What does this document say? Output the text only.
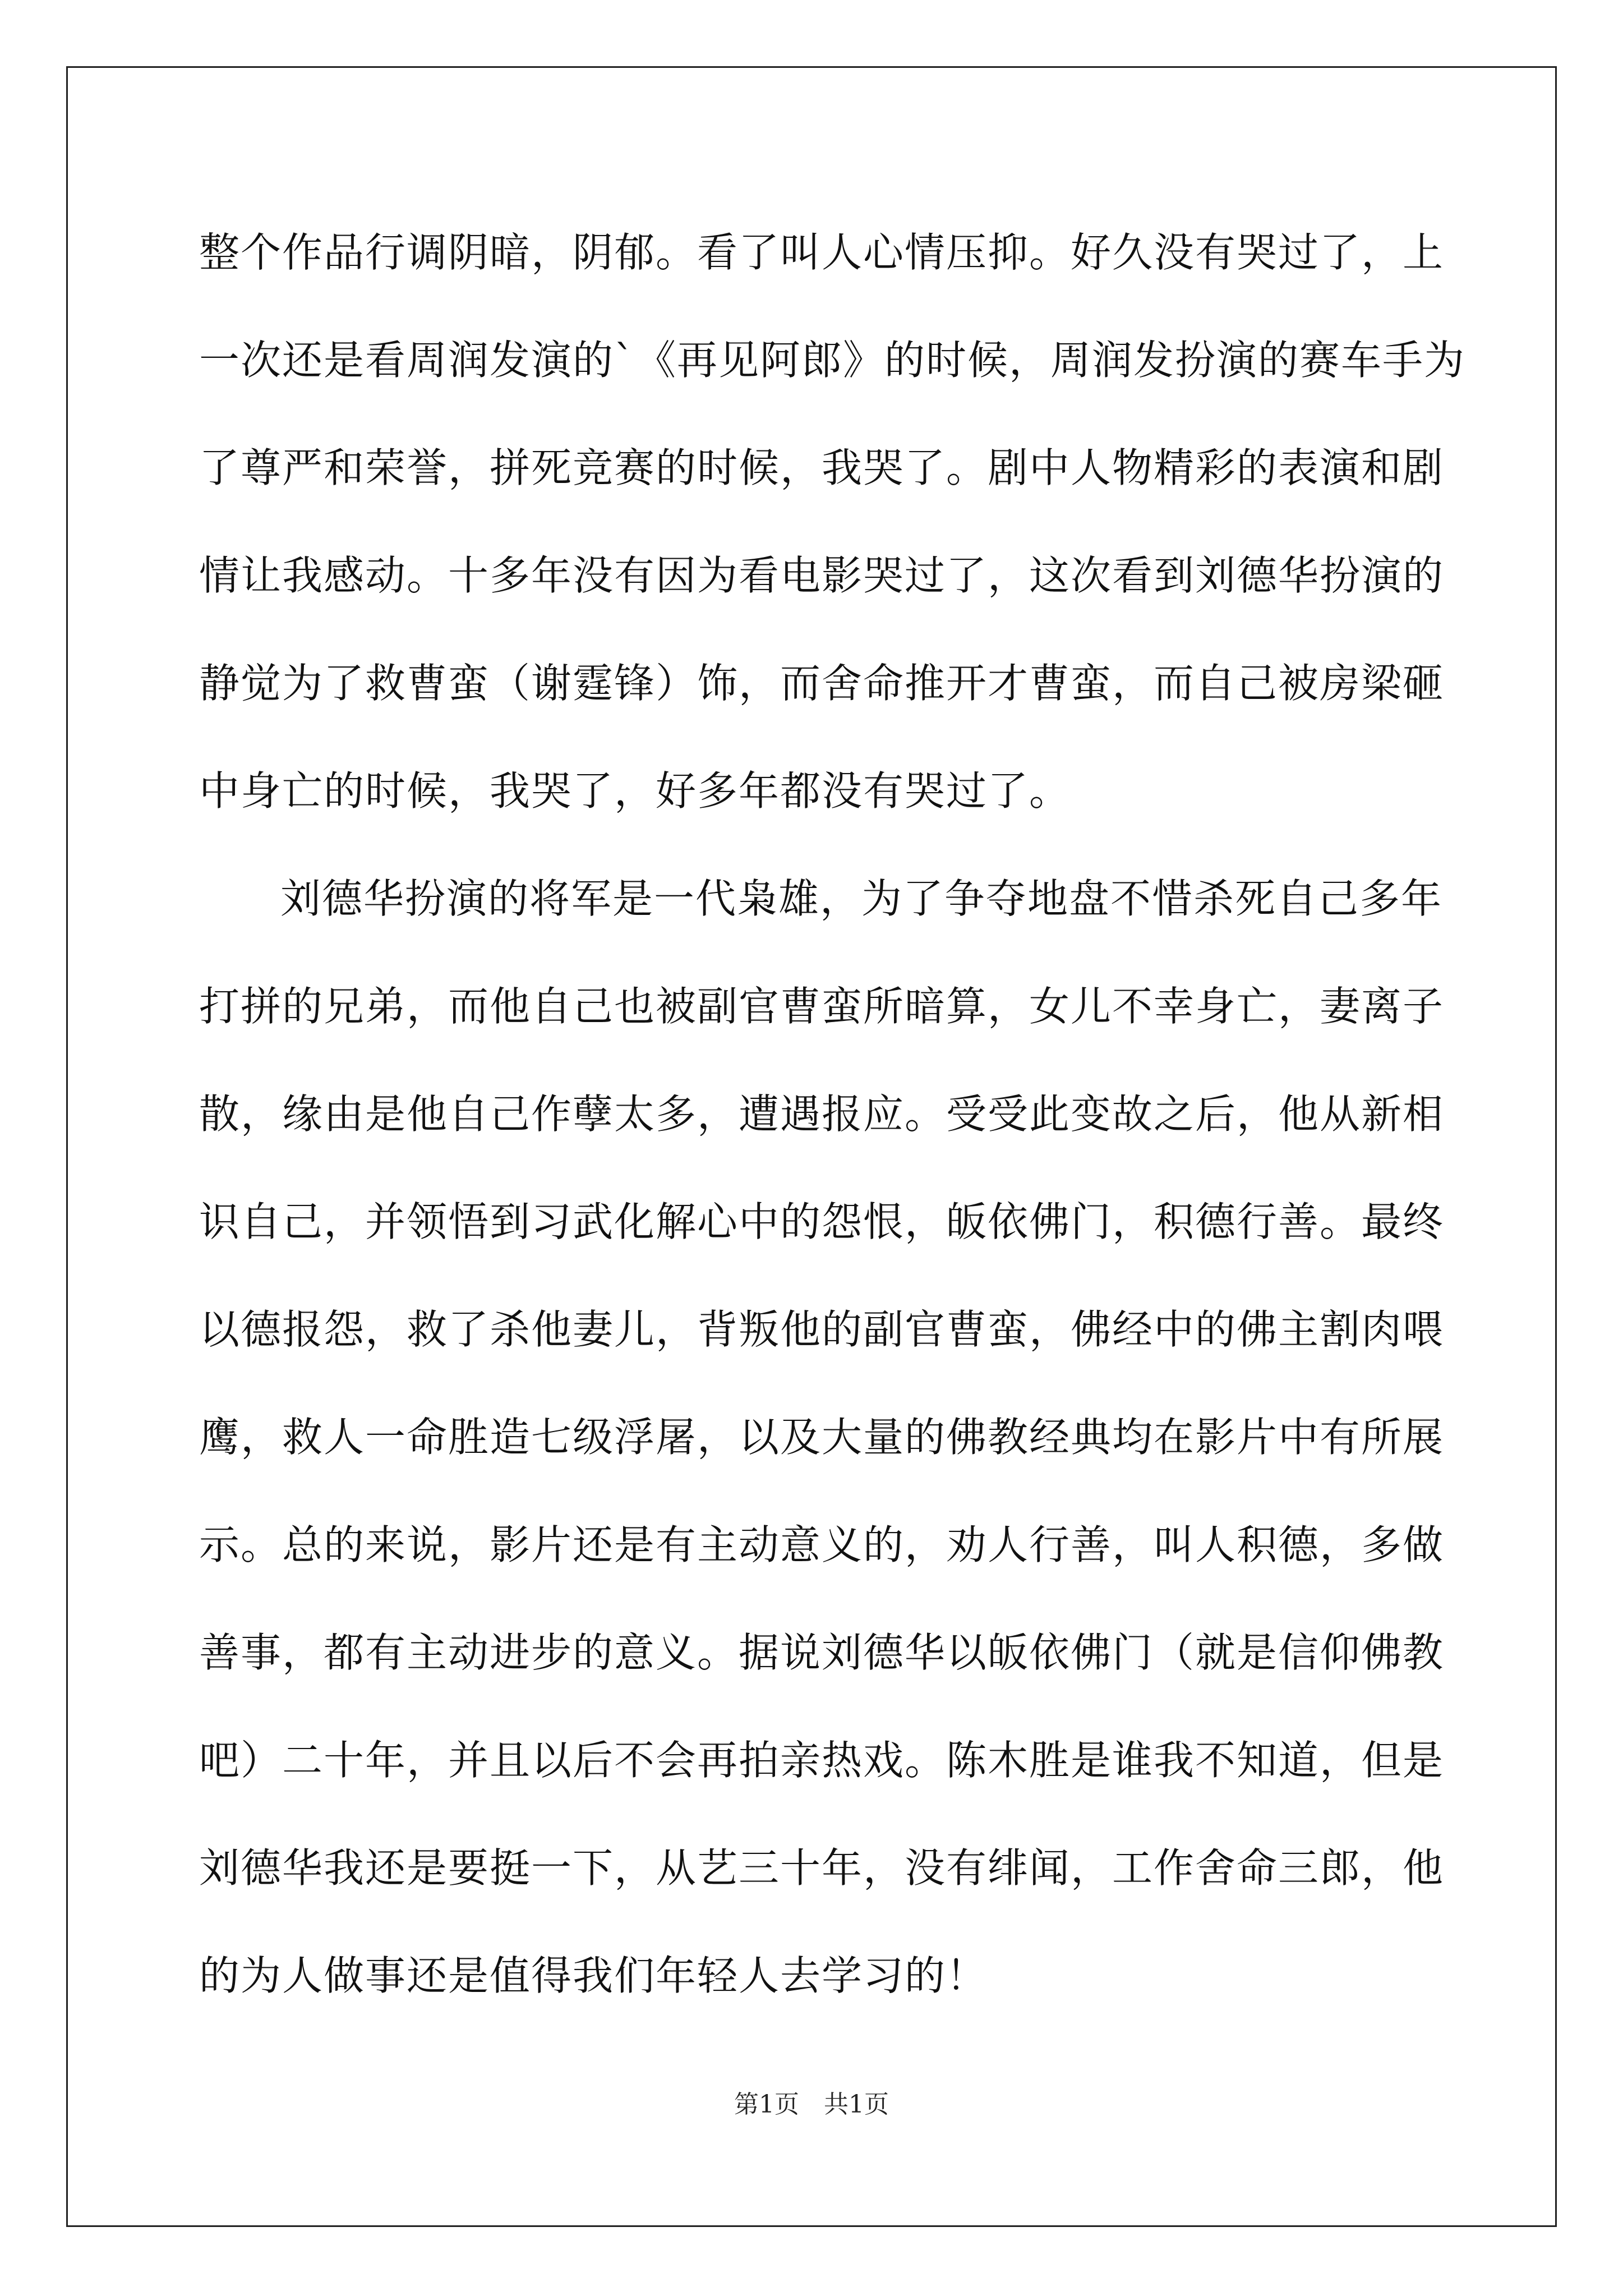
整个作品行调阴暗，阴郁。看了叫人心情压抑。好久没有哭过了，上
一次还是看周润发演的`《再见阿郎》的时候，周润发扮演的赛车手为
了尊严和荣誉，拼死竞赛的时候，我哭了。剧中人物精彩的表演和剧
情让我感动。十多年没有因为看电影哭过了，这次看到刘德华扮演的
静觉为了救曹蛮（谢霆锋）饰，而舍命推开才曹蛮，而自己被房梁砸
中身亡的时候，我哭了，好多年都没有哭过了。
刘德华扮演的将军是一代枭雄，为了争夺地盘不惜杀死自己多年
打拼的兄弟，而他自己也被副官曹蛮所暗算，女儿不幸身亡，妻离子
散，缘由是他自己作孽太多，遭遇报应。受受此变故之后，他从新相
识自己，并领悟到习武化解心中的怨恨，皈依佛门，积德行善。最终
以德报怨，救了杀他妻儿，背叛他的副官曹蛮，佛经中的佛主割肉喂
鹰，救人一命胜造七级浮屠，以及大量的佛教经典均在影片中有所展
示。总的来说，影片还是有主动意义的，劝人行善，叫人积德，多做
善事，都有主动进步的意义。据说刘德华以皈依佛门（就是信仰佛教
吧）二十年，并且以后不会再拍亲热戏。陈木胜是谁我不知道，但是
刘德华我还是要挺一下，从艺三十年，没有绯闻，工作舍命三郎，他
的为人做事还是值得我们年轻人去学习的！
第1页　共1页
